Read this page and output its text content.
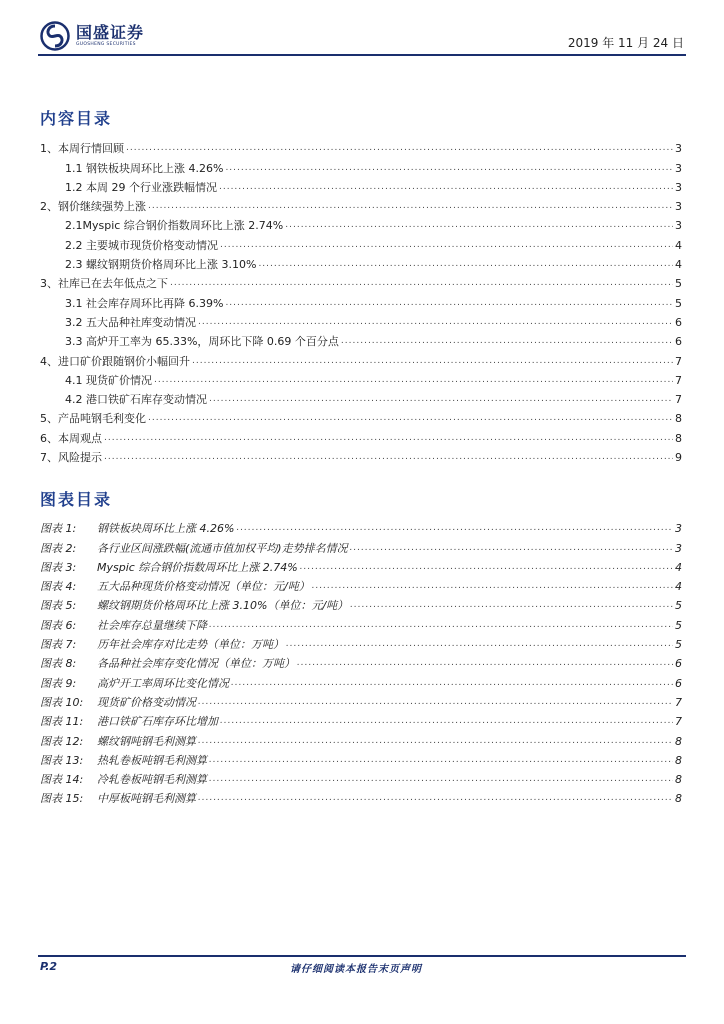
国盛证券
GUOSHENG SECURITIES	2019 年 11 月 24 日
内容目录
1、本周行情回顾 .....	3
1.1 钢铁板块周环比上涨 4.26% .....	3
1.2 本周 29 个行业涨跌幅情况 .....	3
2、钢价继续强势上涨 .....	3
2.1Myspic 综合钢价指数周环比上涨 2.74% .....	3
2.2 主要城市现货价格变动情况 .....	4
2.3 螺纹钢期货价格周环比上涨 3.10% .....	4
3、社库已在去年低点之下 .....	5
3.1 社会库存周环比再降 6.39% .....	5
3.2 五大品种社库变动情况 .....	6
3.3 高炉开工率为 65.33%，周环比下降 0.69 个百分点 .....	6
4、进口矿价跟随钢价小幅回升 .....	7
4.1 现货矿价情况 .....	7
4.2 港口铁矿石库存变动情况 .....	7
5、产品吨钢毛利变化 .....	8
6、本周观点 .....	8
7、风险提示 .....	9
图表目录
图表 1: 钢铁板块周环比上涨 4.26% .....	3
图表 2: 各行业区间涨跌幅(流通市值加权平均)走势排名情况 .....	3
图表 3: Myspic 综合钢价指数周环比上涨 2.74% .....	4
图表 4: 五大品种现货价格变动情况（单位：元/吨） .....	4
图表 5: 螺纹钢期货价格周环比上涨 3.10%（单位：元/吨） .....	5
图表 6: 社会库存总量继续下降 .....	5
图表 7: 历年社会库存对比走势（单位：万吨） .....	5
图表 8: 各品种社会库存变化情况（单位：万吨） .....	6
图表 9: 高炉开工率周环比变化情况 .....	6
图表 10: 现货矿价格变动情况 .....	7
图表 11: 港口铁矿石库存环比增加 .....	7
图表 12: 螺纹钢吨钢毛利测算 .....	8
图表 13: 热轧卷板吨钢毛利测算 .....	8
图表 14: 冷轧卷板吨钢毛利测算 .....	8
图表 15: 中厚板吨钢毛利测算 .....	8
P.2	请仔细阅读本报告末页声明
